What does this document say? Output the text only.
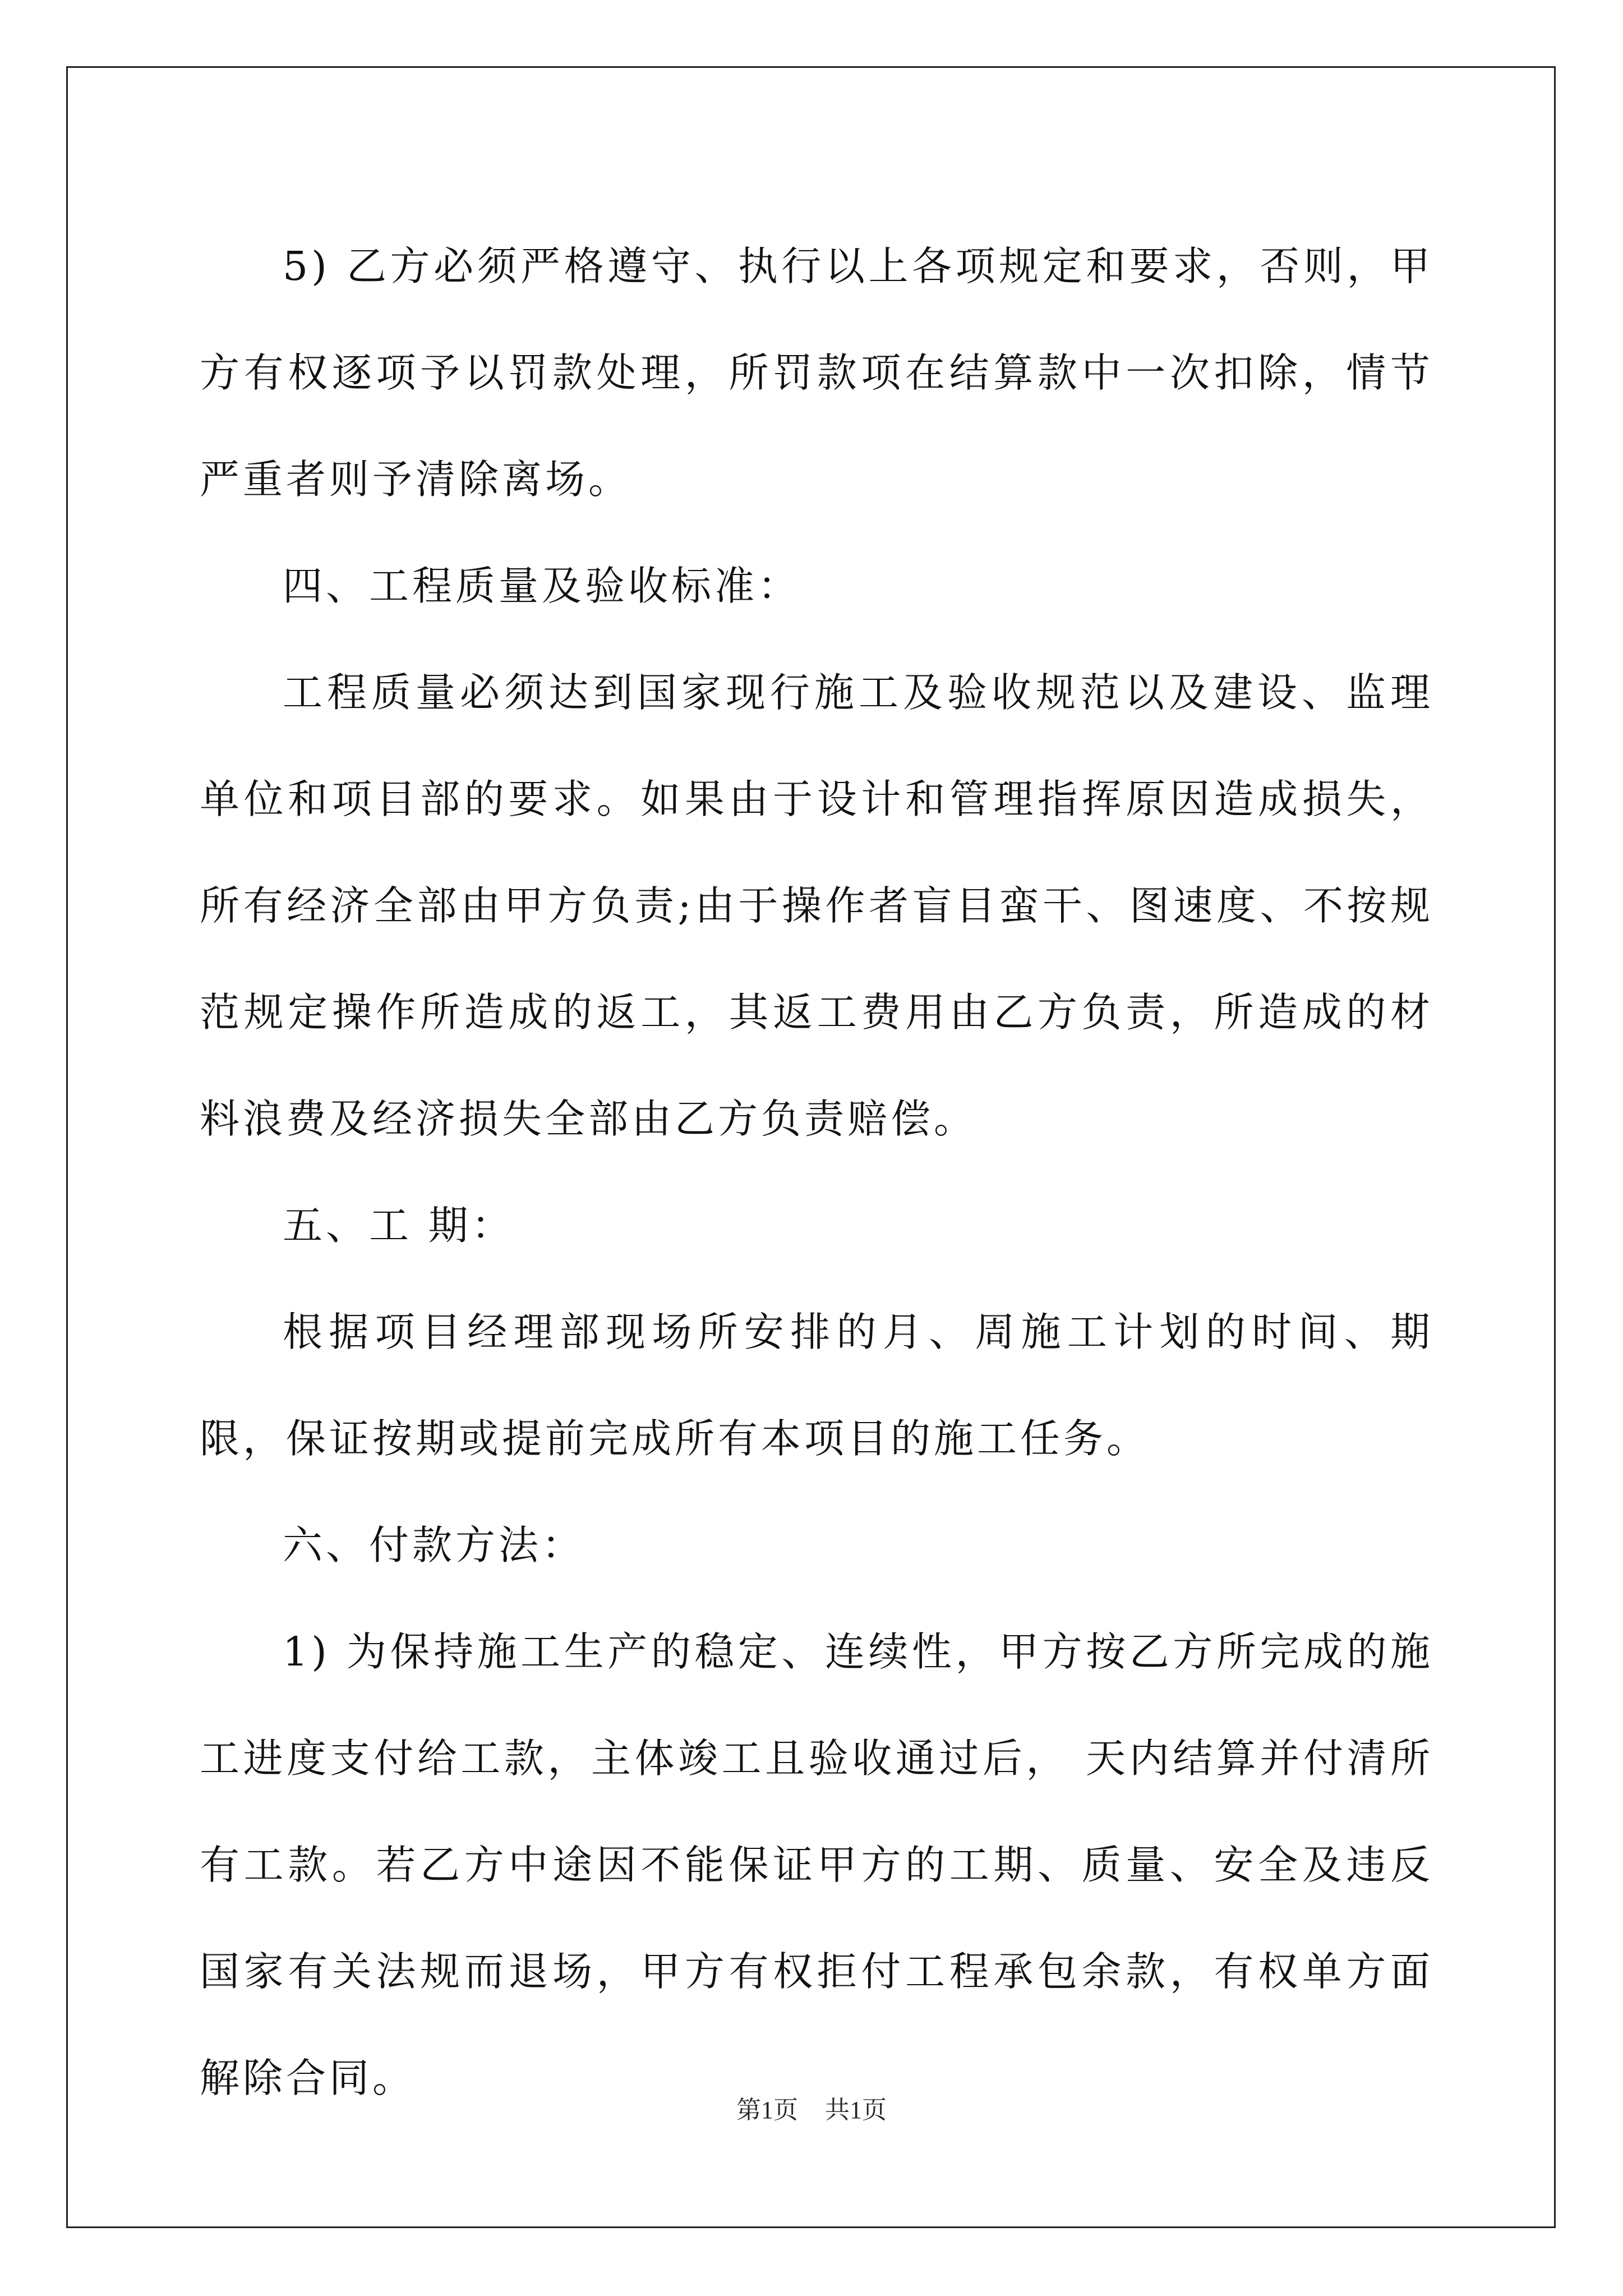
5) 乙方必须严格遵守、执行以上各项规定和要求，否则，甲方有权逐项予以罚款处理，所罚款项在结算款中一次扣除，情节严重者则予清除离场。

四、工程质量及验收标准：

工程质量必须达到国家现行施工及验收规范以及建设、监理单位和项目部的要求。如果由于设计和管理指挥原因造成损失，所有经济全部由甲方负责;由于操作者盲目蛮干、图速度、不按规范规定操作所造成的返工，其返工费用由乙方负责，所造成的材料浪费及经济损失全部由乙方负责赔偿。

五、工 期：

根据项目经理部现场所安排的月、周施工计划的时间、期限，保证按期或提前完成所有本项目的施工任务。

六、付款方法：

1) 为保持施工生产的稳定、连续性，甲方按乙方所完成的施工进度支付给工款，主体竣工且验收通过后， 天内结算并付清所有工款。若乙方中途因不能保证甲方的工期、质量、安全及违反国家有关法规而退场，甲方有权拒付工程承包余款，有权单方面解除合同。

第1页 共1页
